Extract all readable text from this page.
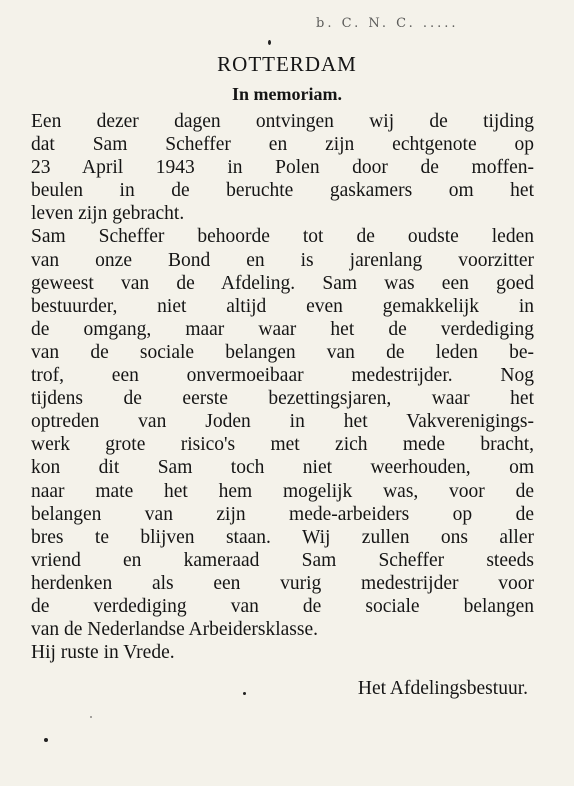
b. C. N. C. .....
ROTTERDAM
In memoriam.
Een dezer dagen ontvingen wij de tijding
dat Sam Scheffer en zijn echtgenote op
23 April 1943 in Polen door de moffen-
beulen in de beruchte gaskamers om het
leven zijn gebracht.
Sam Scheffer behoorde tot de oudste leden
van onze Bond en is jarenlang voorzitter
geweest van de Afdeling. Sam was een goed
bestuurder, niet altijd even gemakkelijk in
de omgang, maar waar het de verdediging
van de sociale belangen van de leden be-
trof, een onvermoeibaar medestrijder. Nog
tijdens de eerste bezettingsjaren, waar het
optreden van Joden in het Vakverenigings-
werk grote risico's met zich mede bracht,
kon dit Sam toch niet weerhouden, om
naar mate het hem mogelijk was, voor de
belangen van zijn mede-arbeiders op de
bres te blijven staan. Wij zullen ons aller
vriend en kameraad Sam Scheffer steeds
herdenken als een vurig medestrijder voor
de verdediging van de sociale belangen
van de Nederlandse Arbeidersklasse.
Hij ruste in Vrede.
Het Afdelingsbestuur.
